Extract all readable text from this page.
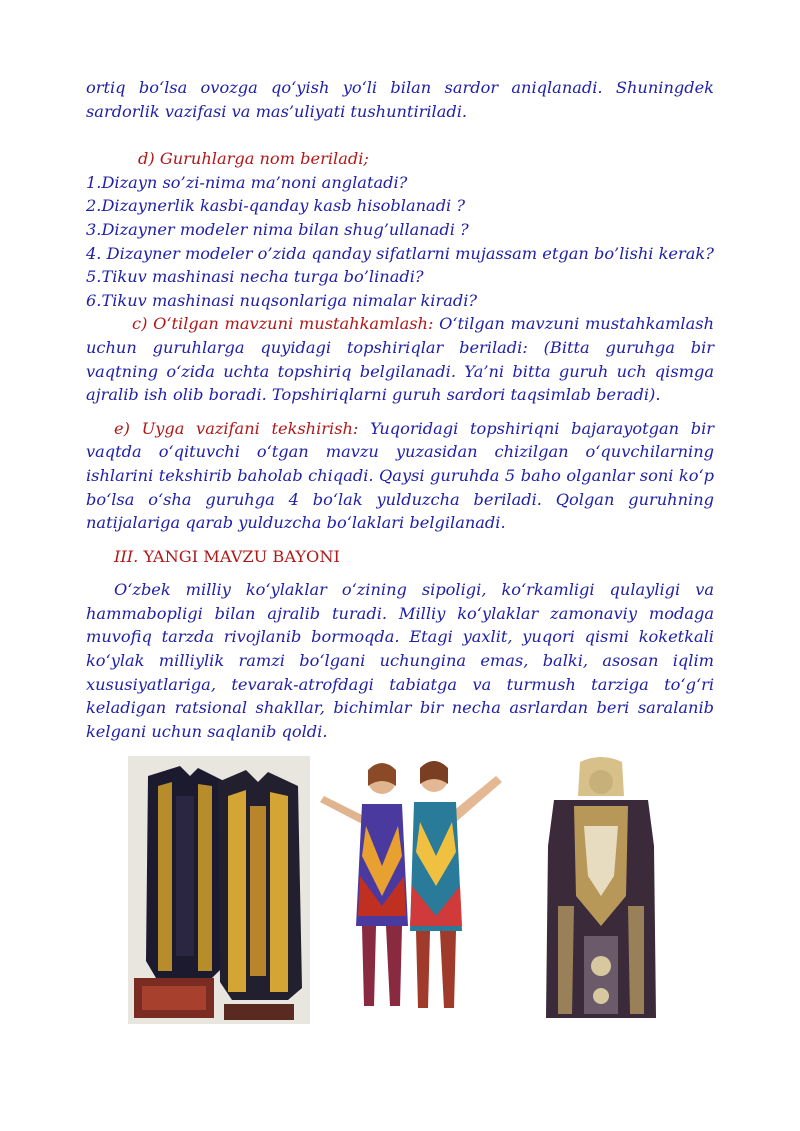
ortiq bo‘lsa ovozga qo‘yish yo‘li bilan sardor aniqlanadi. Shuningdek sardorlik vazifasi va mas’uliyati tushuntiriladi.

d) Guruhlarga nom beriladi;

1.Dizayn so’zi-nima ma’noni anglatadi?
2.Dizaynerlik kasbi-qanday kasb hisoblanadi ?
3.Dizayner modeler nima bilan shug’ullanadi ?
4. Dizayner modeler o’zida qanday sifatlarni mujassam etgan bo’lishi kerak?
5.Tikuv mashinasi necha turga bo’linadi?
6.Tikuv mashinasi nuqsonlariga nimalar kiradi?

c) O‘tilgan mavzuni mustahkamlash: O‘tilgan mavzuni mustahkamlash uchun guruhlarga quyidagi topshiriqlar beriladi: (Bitta guruhga bir vaqtning o‘zida uchta topshiriq belgilanadi. Ya’ni bitta guruh uch qismga ajralib ish olib boradi. Topshiriqlarni guruh sardori taqsimlab beradi).

e) Uyga vazifani tekshirish: Yuqoridagi topshiriqni bajarayotgan bir vaqtda o‘qituvchi o‘tgan mavzu yuzasidan chizilgan o‘quvchilarning ishlarini tekshirib baholab chiqadi. Qaysi guruhda 5 baho olganlar soni ko‘p bo‘lsa o‘sha guruhga 4 bo‘lak yulduzcha beriladi. Qolgan guruhning natijalariga qarab yulduzcha bo‘laklari belgilanadi.

III. YANGI MAVZU BAYONI

O‘zbek milliy ko‘ylaklar o‘zining sipoligi, ko‘rkamligi qulayligi va hammabopligi bilan ajralib turadi. Milliy ko‘ylaklar zamonaviy modaga muvofiq tarzda rivojlanib bormoqda. Etagi yaxlit, yuqori qismi koketkali ko‘ylak milliylik ramzi bo‘lgani uchungina emas, balki, asosan iqlim xususiyatlariga, tevarak-atrofdagi tabiatga va turmush tarziga to‘g‘ri keladigan ratsional shakllar, bichimlar bir necha asrlardan beri saralanib kelgani uchun saqlanib qoldi.
